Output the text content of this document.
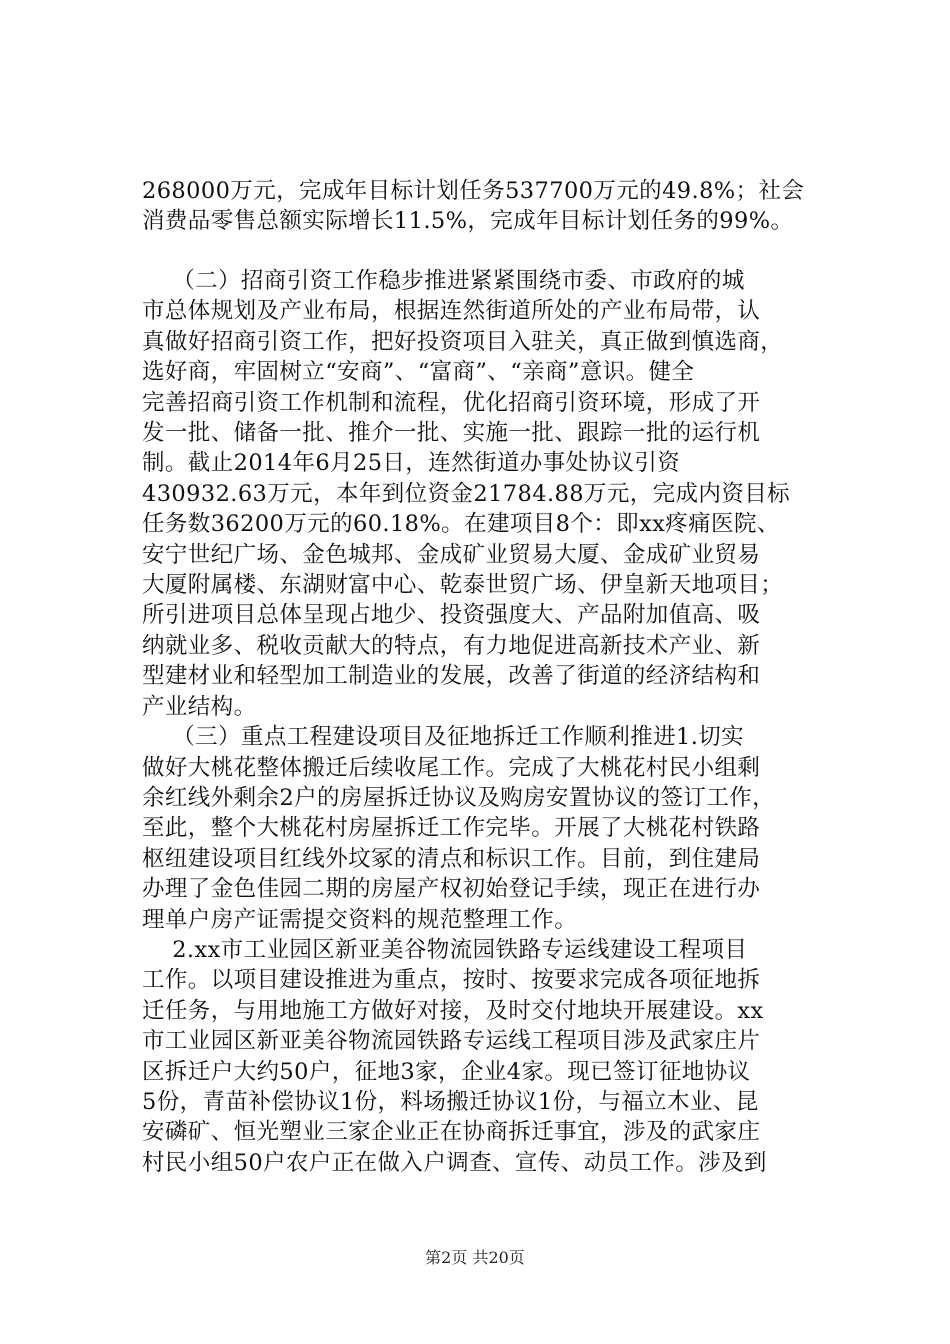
268000万元，完成年目标计划任务537700万元的49.8%；社会

消费品零售总额实际增长11.5%，完成年目标计划任务的99%。

（二）招商引资工作稳步推进紧紧围绕市委、市政府的城

市总体规划及产业布局，根据连然街道所处的产业布局带，认

真做好招商引资工作，把好投资项目入驻关，真正做到慎选商，

选好商，牢固树立“安商”、“富商”、“亲商”意识。健全

完善招商引资工作机制和流程，优化招商引资环境，形成了开

发一批、储备一批、推介一批、实施一批、跟踪一批的运行机

制。截止2014年6月25日，连然街道办事处协议引资

430932.63万元，本年到位资金21784.88万元，完成内资目标

任务数36200万元的60.18%。在建项目8个：即xx疼痛医院、

安宁世纪广场、金色城邦、金成矿业贸易大厦、金成矿业贸易

大厦附属楼、东湖财富中心、乾泰世贸广场、伊皇新天地项目；

所引进项目总体呈现占地少、投资强度大、产品附加值高、吸

纳就业多、税收贡献大的特点，有力地促进高新技术产业、新

型建材业和轻型加工制造业的发展，改善了街道的经济结构和

产业结构。

（三）重点工程建设项目及征地拆迁工作顺利推进1.切实

做好大桃花整体搬迁后续收尾工作。完成了大桃花村民小组剩

余红线外剩余2户的房屋拆迁协议及购房安置协议的签订工作，

至此，整个大桃花村房屋拆迁工作完毕。开展了大桃花村铁路

枢纽建设项目红线外坟冢的清点和标识工作。目前，到住建局

办理了金色佳园二期的房屋产权初始登记手续，现正在进行办

理单户房产证需提交资料的规范整理工作。

2.xx市工业园区新亚美谷物流园铁路专运线建设工程项目

工作。以项目建设推进为重点，按时、按要求完成各项征地拆

迁任务，与用地施工方做好对接，及时交付地块开展建设。xx

市工业园区新亚美谷物流园铁路专运线工程项目涉及武家庄片

区拆迁户大约50户，征地3家，企业4家。现已签订征地协议

5份，青苗补偿协议1份，料场搬迁协议1份，与福立木业、昆

安磷矿、恒光塑业三家企业正在协商拆迁事宜，涉及的武家庄

村民小组50户农户正在做入户调查、宣传、动员工作。涉及到

第2页 共20页
